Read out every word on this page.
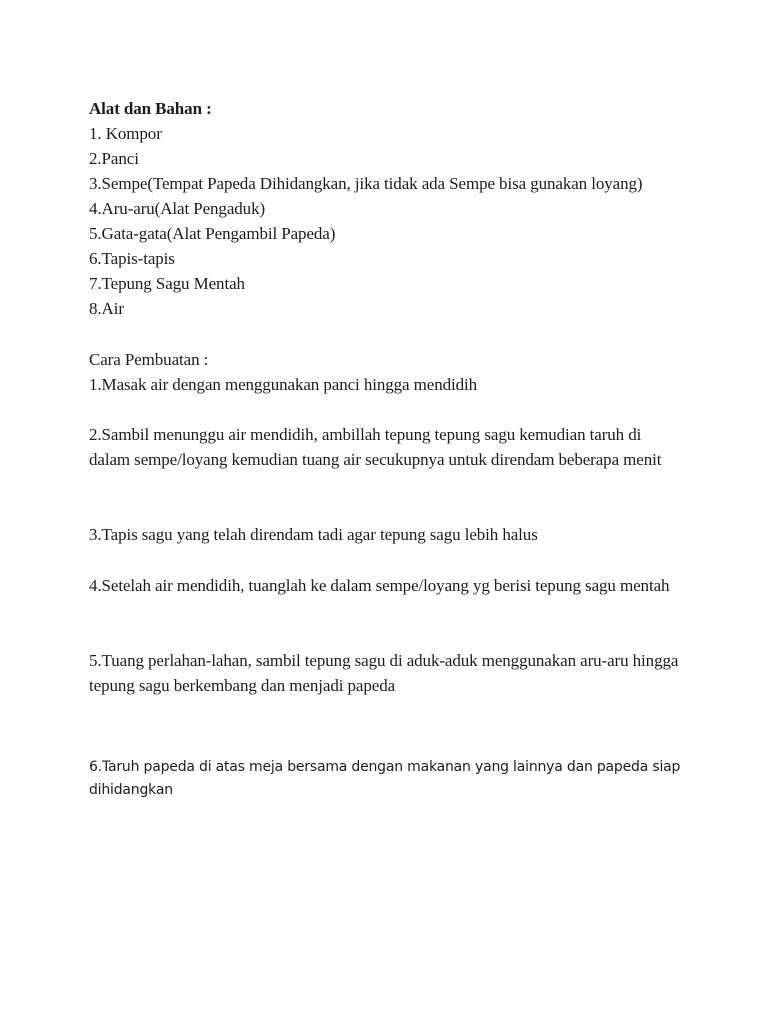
Alat dan Bahan :
1. Kompor
2.Panci
3.Sempe(Tempat Papeda Dihidangkan, jika tidak ada Sempe bisa gunakan loyang)
4.Aru-aru(Alat Pengaduk)
5.Gata-gata(Alat Pengambil Papeda)
6.Tapis-tapis
7.Tepung Sagu Mentah
8.Air
Cara Pembuatan :
1.Masak air dengan menggunakan panci hingga mendidih

2.Sambil menunggu air mendidih, ambillah tepung tepung sagu kemudian taruh di dalam sempe/loyang kemudian tuang air secukupnya untuk direndam beberapa menit

3.Tapis sagu yang telah direndam tadi agar tepung sagu lebih halus

4.Setelah air mendidih, tuanglah ke dalam sempe/loyang yg berisi tepung sagu mentah

5.Tuang perlahan-lahan, sambil tepung sagu di aduk-aduk menggunakan aru-aru hingga tepung sagu berkembang dan menjadi papeda

6.Taruh papeda di atas meja bersama dengan makanan yang lainnya dan papeda siap dihidangkan
